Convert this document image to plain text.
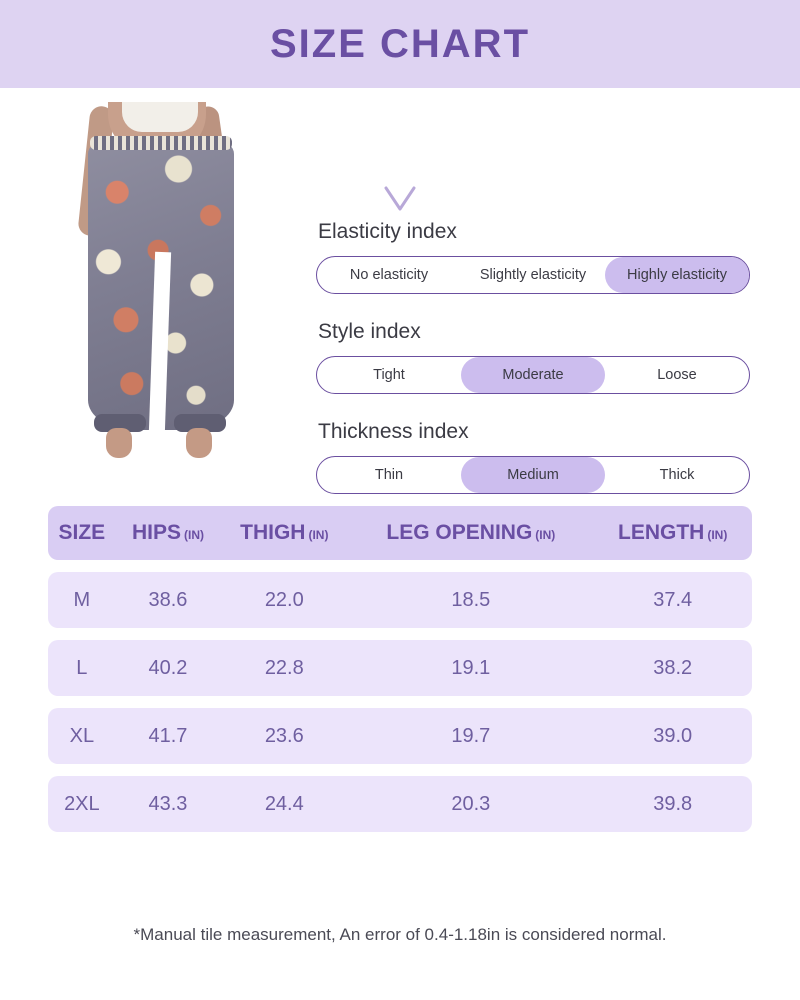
SIZE CHART
Elasticity index
No elasticity	Slightly elasticity	Highly elasticity
Style index
Tight	Moderate	Loose
Thickness index
Thin	Medium	Thick
SIZE	HIPS (IN)	THIGH (IN)	LEG OPENING (IN)	LENGTH (IN)
M	38.6	22.0	18.5	37.4
L	40.2	22.8	19.1	38.2
XL	41.7	23.6	19.7	39.0
2XL	43.3	24.4	20.3	39.8
*Manual tile measurement, An error of 0.4-1.18in is considered normal.
